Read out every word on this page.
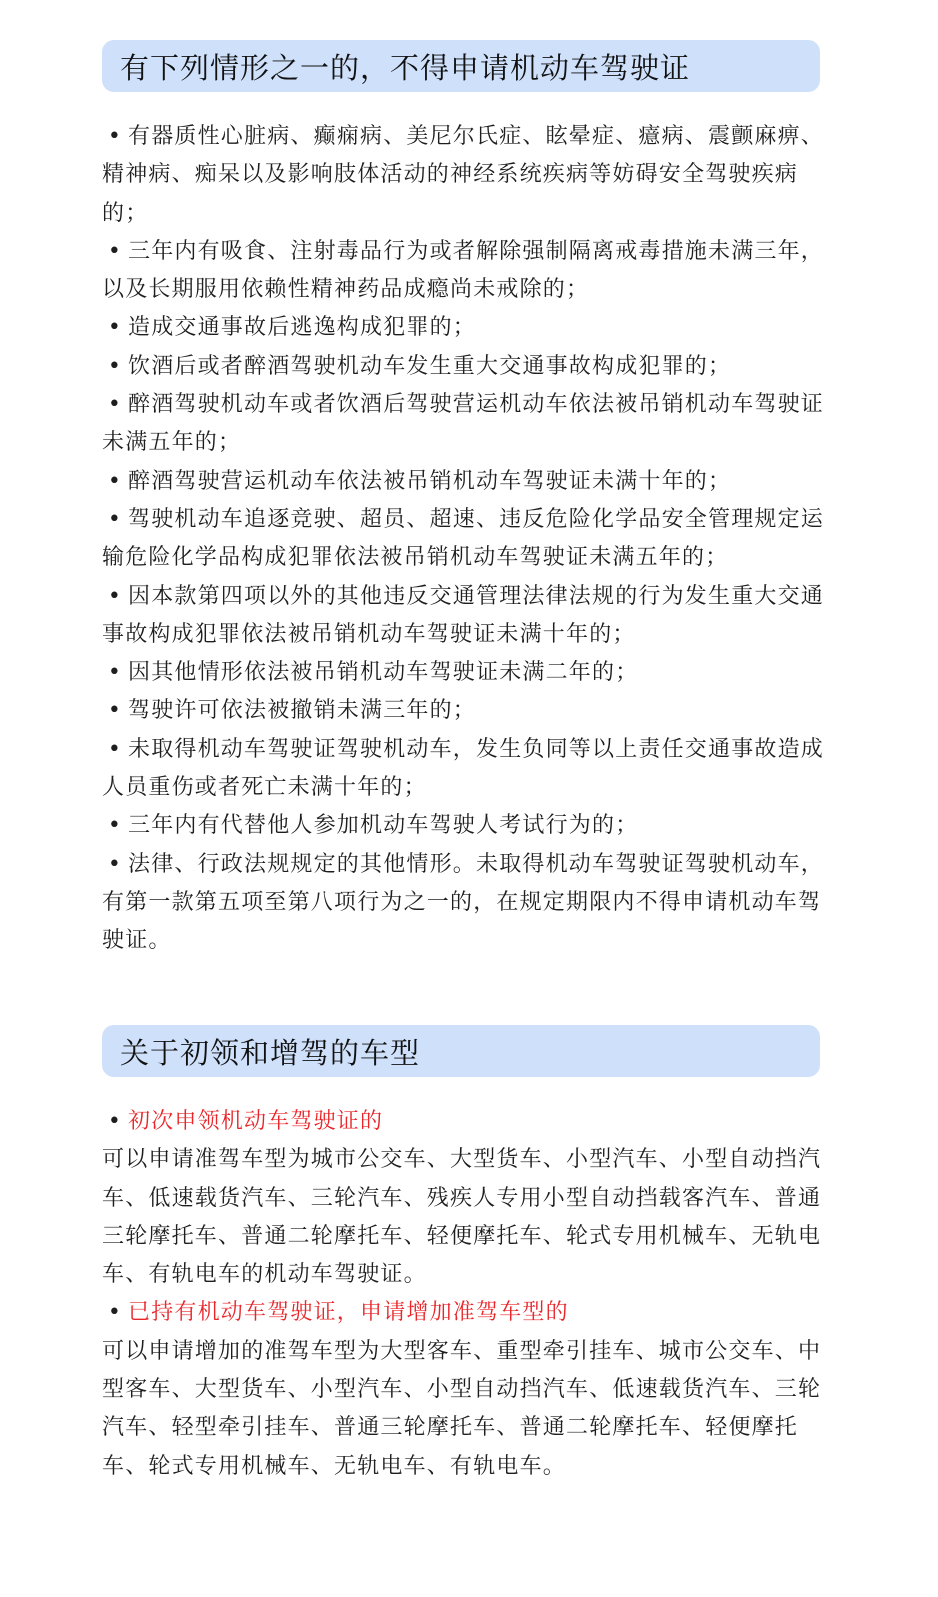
有下列情形之一的，不得申请机动车驾驶证

• 有器质性心脏病、癫痫病、美尼尔氏症、眩晕症、癔病、震颤麻痹、精神病、痴呆以及影响肢体活动的神经系统疾病等妨碍安全驾驶疾病的；

• 三年内有吸食、注射毒品行为或者解除强制隔离戒毒措施未满三年，以及长期服用依赖性精神药品成瘾尚未戒除的；

• 造成交通事故后逃逸构成犯罪的；

• 饮酒后或者醉酒驾驶机动车发生重大交通事故构成犯罪的；

• 醉酒驾驶机动车或者饮酒后驾驶营运机动车依法被吊销机动车驾驶证未满五年的；

• 醉酒驾驶营运机动车依法被吊销机动车驾驶证未满十年的；

• 驾驶机动车追逐竞驶、超员、超速、违反危险化学品安全管理规定运输危险化学品构成犯罪依法被吊销机动车驾驶证未满五年的；

• 因本款第四项以外的其他违反交通管理法律法规的行为发生重大交通事故构成犯罪依法被吊销机动车驾驶证未满十年的；

• 因其他情形依法被吊销机动车驾驶证未满二年的；

• 驾驶许可依法被撤销未满三年的；

• 未取得机动车驾驶证驾驶机动车，发生负同等以上责任交通事故造成人员重伤或者死亡未满十年的；

• 三年内有代替他人参加机动车驾驶人考试行为的；

• 法律、行政法规规定的其他情形。未取得机动车驾驶证驾驶机动车，有第一款第五项至第八项行为之一的，在规定期限内不得申请机动车驾驶证。

关于初领和增驾的车型

• 初次申领机动车驾驶证的

可以申请准驾车型为城市公交车、大型货车、小型汽车、小型自动挡汽车、低速载货汽车、三轮汽车、残疾人专用小型自动挡载客汽车、普通三轮摩托车、普通二轮摩托车、轻便摩托车、轮式专用机械车、无轨电车、有轨电车的机动车驾驶证。

• 已持有机动车驾驶证，申请增加准驾车型的

可以申请增加的准驾车型为大型客车、重型牵引挂车、城市公交车、中型客车、大型货车、小型汽车、小型自动挡汽车、低速载货汽车、三轮汽车、轻型牵引挂车、普通三轮摩托车、普通二轮摩托车、轻便摩托车、轮式专用机械车、无轨电车、有轨电车。
